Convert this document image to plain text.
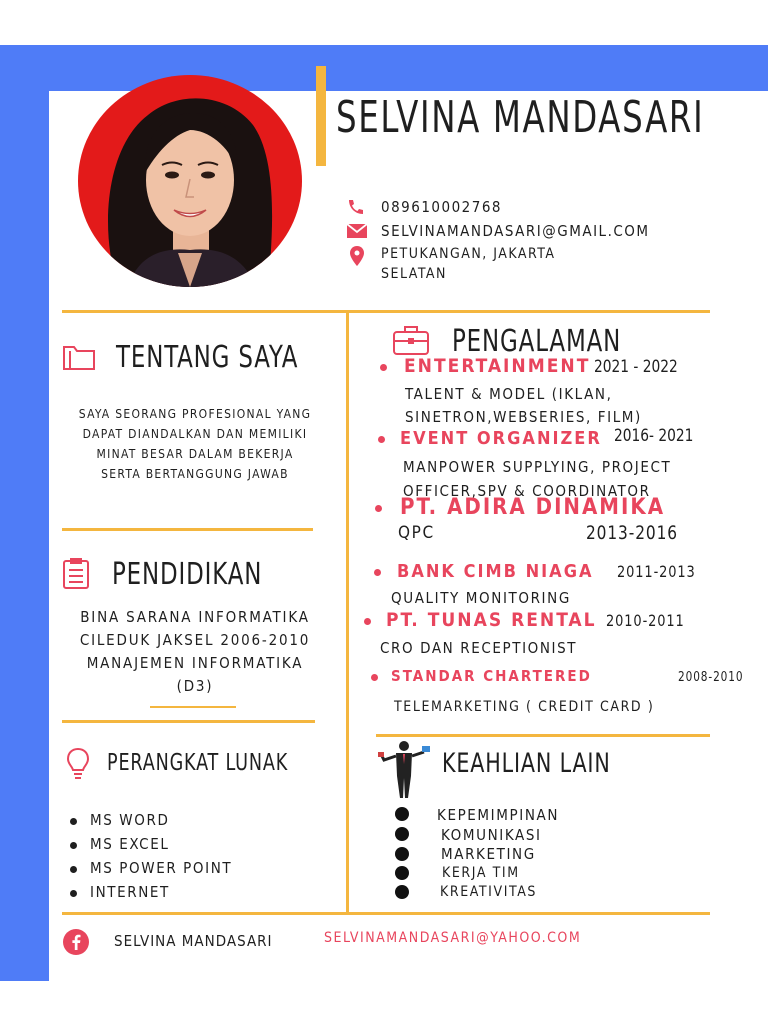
SELVINA MANDASARI
089610002768
SELVINAMANDASARI@GMAIL.COM
PETUKANGAN, JAKARTA
SELATAN
TENTANG SAYA
SAYA SEORANG PROFESIONAL YANG
DAPAT DIANDALKAN DAN MEMILIKI
MINAT BESAR DALAM BEKERJA
SERTA BERTANGGUNG JAWAB
PENDIDIKAN
BINA SARANA INFORMATIKA
CILEDUK JAKSEL 2006-2010
MANAJEMEN INFORMATIKA
(D3)
PERANGKAT LUNAK
MS WORD
MS EXCEL
MS POWER POINT
INTERNET
PENGALAMAN
ENTERTAINMENT 2021 - 2022
TALENT & MODEL (IKLAN,
SINETRON,WEBSERIES, FILM)
EVENT ORGANIZER 2016- 2021
MANPOWER SUPPLYING, PROJECT
OFFICER,SPV & COORDINATOR
PT. ADIRA DINAMIKA
QPC	2013-2016
BANK CIMB NIAGA 2011-2013
QUALITY MONITORING
PT. TUNAS RENTAL 2010-2011
CRO DAN RECEPTIONIST
STANDAR CHARTERED	2008-2010
TELEMARKETING ( CREDIT CARD )
KEAHLIAN LAIN
KEPEMIMPINAN
KOMUNIKASI
MARKETING
KERJA TIM
KREATIVITAS
SELVINA MANDASARI	SELVINAMANDASARI@YAHOO.COM
